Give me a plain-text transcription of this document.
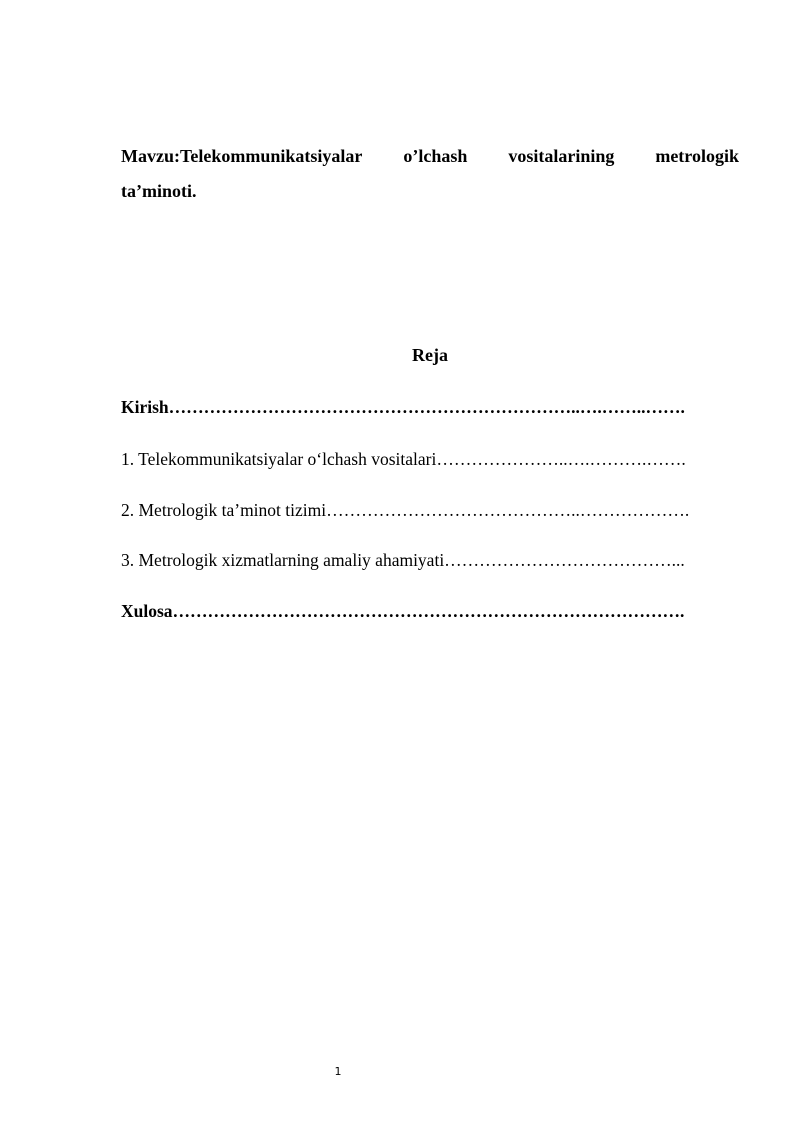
Mavzu:Telekommunikatsiyalar o’lchash vositalarining metrologik
ta’minoti.
Reja
Kirish……………………………………………………………..….……..…….
1. Telekommunikatsiyalar oʻlchash vositalari…………………..….……….…….
2. Metrologik ta’minot tizimi……………………………………..……………….
3. Metrologik xizmatlarning amaliy ahamiyati…………………………………...
Xulosa…………………………………………………………………………….
1
